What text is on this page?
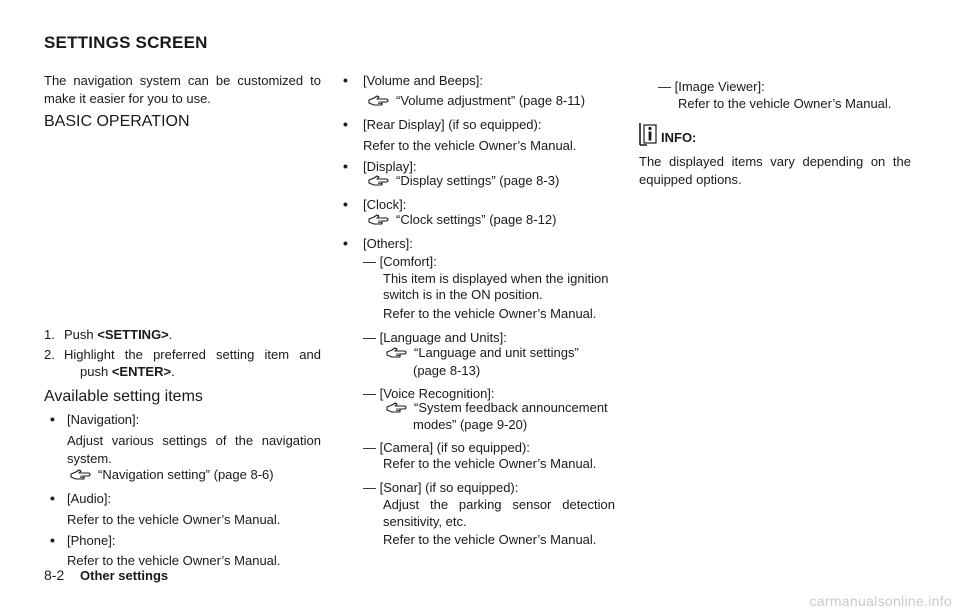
SETTINGS SCREEN
The navigation system can be customized to
make it easier for you to use.
BASIC OPERATION
1. Push <SETTING>.
2. Highlight the preferred setting item and
push <ENTER>.
Available setting items
• [Navigation]:
Adjust various settings of the navigation
system.
“Navigation setting” (page 8-6)
• [Audio]:
Refer to the vehicle Owner’s Manual.
• [Phone]:
• [Volume and Beeps]:
“Volume adjustment” (page 8-11)
• [Rear Display] (if so equipped):
Refer to the vehicle Owner’s Manual.
• [Display]:
“Display settings” (page 8-3)
• [Clock]:
“Clock settings” (page 8-12)
• [Others]:
— [Comfort]:
This item is displayed when the ignition
switch is in the ON position.
Refer to the vehicle Owner’s Manual.
— [Language and Units]:
“Language and unit settings”
(page 8-13)
— [Voice Recognition]:
“System feedback announcement
modes” (page 9-20)
— [Camera] (if so equipped):
Refer to the vehicle Owner’s Manual.
— [Sonar] (if so equipped):
Adjust the parking sensor detection
sensitivity, etc.
Refer to the vehicle Owner’s Manual.
— [Image Viewer]:
Refer to the vehicle Owner’s Manual.
INFO:
The displayed items vary depending on the
equipped options.
8-2 Other settings
carmanualsonline.info
Refer to the vehicle Owner’s Manual.
